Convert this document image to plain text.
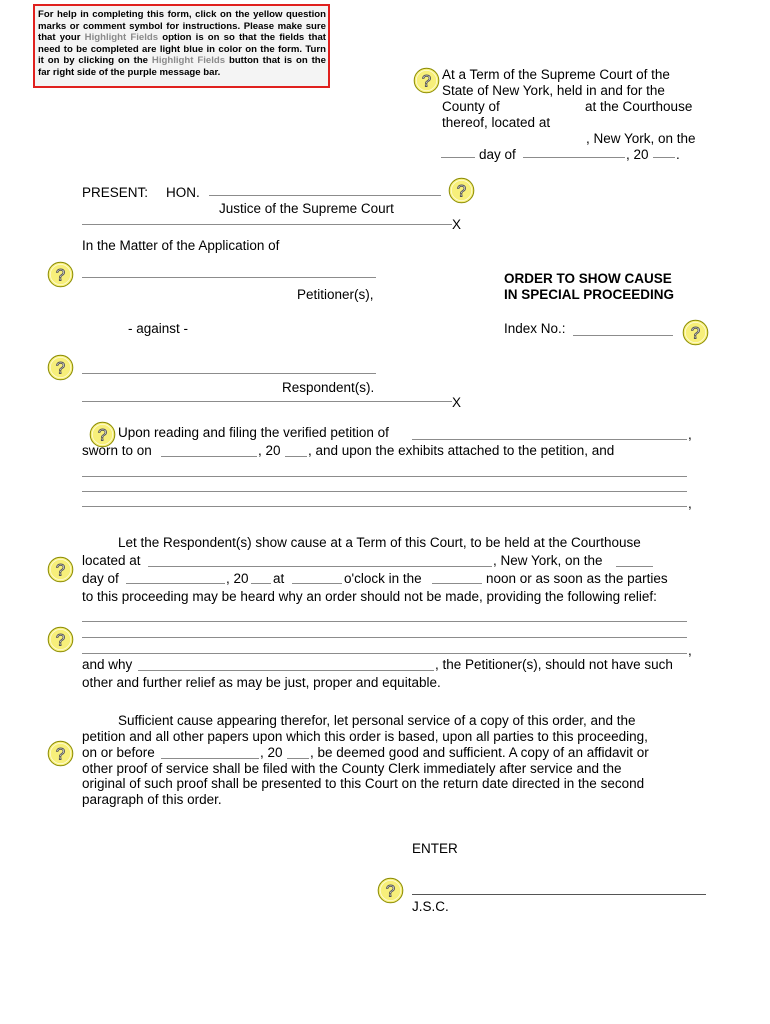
For help in completing this form, click on the yellow question marks or comment symbol for instructions. Please make sure that your Highlight Fields option is on so that the fields that need to be completed are light blue in color on the form. Turn it on by clicking on the Highlight Fields button that is on the far right side of the purple message bar.	?
?
?
?
?
?
?
?
?
?
At a Term of the Supreme Court of the
State of New York, held in and for the
County of	at the Courthouse
thereof, located at
, New York, on the
day of	, 20 .
PRESENT: HON.
Justice of the Supreme Court
X
In the Matter of the Application of
Petitioner(s),
ORDER TO SHOW CAUSE
IN SPECIAL PROCEEDING
- against -	Index No.:
Respondent(s).
X
Upon reading and filing the verified petition of	,
sworn to on	, 20 , and upon the exhibits attached to the petition, and
,
Let the Respondent(s) show cause at a Term of this Court, to be held at the Courthouse
located at	, New York, on the
day of	, 20 at	o'clock in the	noon or as soon as the parties
to this proceeding may be heard why an order should not be made, providing the following relief:
,
and why	, the Petitioner(s), should not have such
other and further relief as may be just, proper and equitable.
Sufficient cause appearing therefor, let personal service of a copy of this order, and the
petition and all other papers upon which this order is based, upon all parties to this proceeding,
on or before	, 20 , be deemed good and sufficient. A copy of an affidavit or
other proof of service shall be filed with the County Clerk immediately after service and the
original of such proof shall be presented to this Court on the return date directed in the second
paragraph of this order.
ENTER
J.S.C.
